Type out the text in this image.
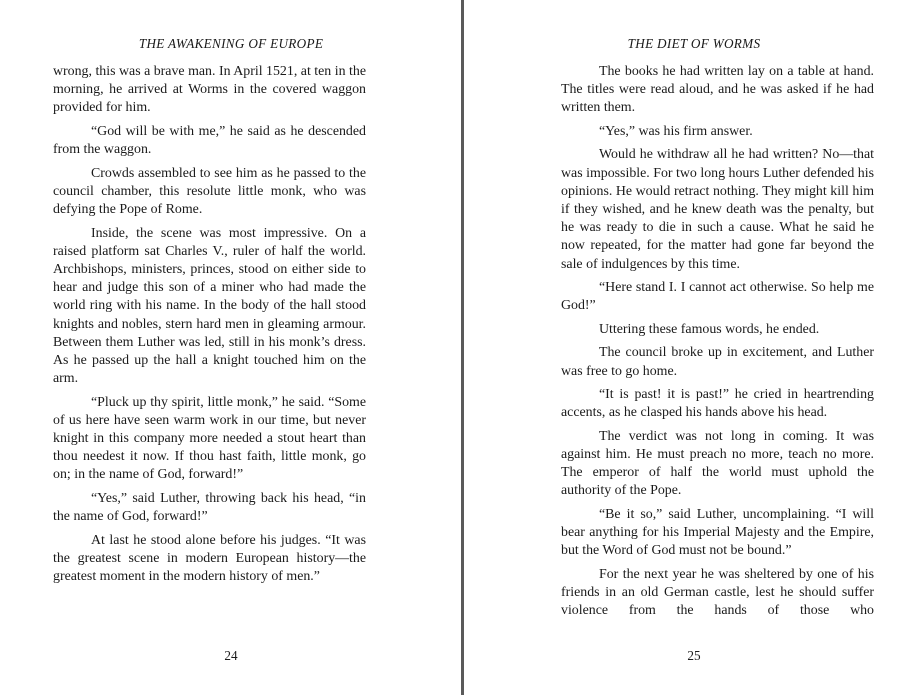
THE AWAKENING OF EUROPE

wrong, this was a brave man. In April 1521, at ten in the morning, he arrived at Worms in the covered waggon provided for him.

“God will be with me,” he said as he descended from the waggon.

Crowds assembled to see him as he passed to the council chamber, this resolute little monk, who was defying the Pope of Rome.

Inside, the scene was most impressive. On a raised platform sat Charles V., ruler of half the world. Archbishops, ministers, princes, stood on either side to hear and judge this son of a miner who had made the world ring with his name. In the body of the hall stood knights and nobles, stern hard men in gleaming armour. Between them Luther was led, still in his monk’s dress. As he passed up the hall a knight touched him on the arm.

“Pluck up thy spirit, little monk,” he said. “Some of us here have seen warm work in our time, but never knight in this company more needed a stout heart than thou needest it now. If thou hast faith, little monk, go on; in the name of God, forward!”

“Yes,” said Luther, throwing back his head, “in the name of God, forward!”

At last he stood alone before his judges. “It was the greatest scene in modern European history—the greatest moment in the modern history of men.”

24
THE DIET OF WORMS

The books he had written lay on a table at hand. The titles were read aloud, and he was asked if he had written them.

“Yes,” was his firm answer.

Would he withdraw all he had written? No—that was impossible. For two long hours Luther defended his opinions. He would retract nothing. They might kill him if they wished, and he knew death was the penalty, but he was ready to die in such a cause. What he said he now repeated, for the matter had gone far beyond the sale of indulgences by this time.

“Here stand I. I cannot act otherwise. So help me God!”

Uttering these famous words, he ended.

The council broke up in excitement, and Luther was free to go home.

“It is past! it is past!” he cried in heartrending accents, as he clasped his hands above his head.

The verdict was not long in coming. It was against him. He must preach no more, teach no more. The emperor of half the world must uphold the authority of the Pope.

“Be it so,” said Luther, uncomplaining. “I will bear anything for his Imperial Majesty and the Empire, but the Word of God must not be bound.”

For the next year he was sheltered by one of his friends in an old German castle, lest he should suffer violence from the hands of those who

25
